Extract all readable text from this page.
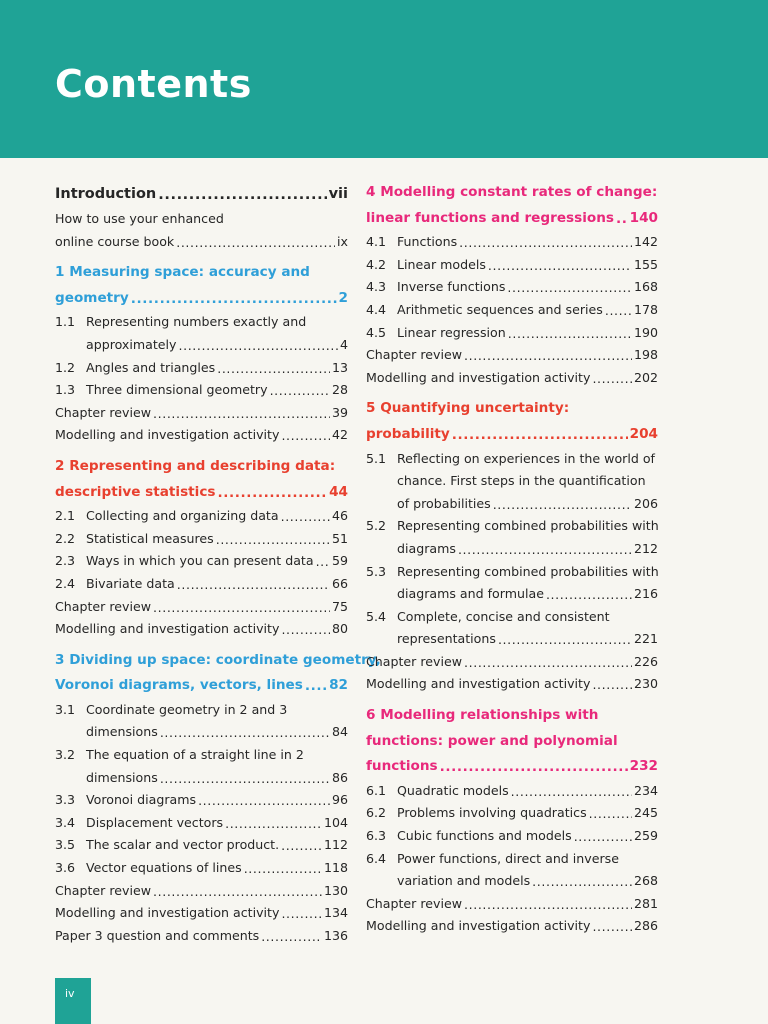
Contents
Introduction .....	vii
How to use your enhanced
online course book .....	ix
1 Measuring space: accuracy and
geometry .....	2
1.1 Representing numbers exactly and
approximately .....	4
1.2 Angles and triangles .....	13
1.3 Three dimensional geometry .....	28
Chapter review .....	39
Modelling and investigation activity .....	42
2 Representing and describing data:
descriptive statistics .....	44
2.1 Collecting and organizing data .....	46
2.2 Statistical measures .....	51
2.3 Ways in which you can present data ..... 59
2.4 Bivariate data .....	66
Chapter review .....	75
Modelling and investigation activity .....	80
3 Dividing up space: coordinate geometry,
Voronoi diagrams, vectors, lines ..... 82
3.1 Coordinate geometry in 2 and 3
dimensions .....	84
3.2 The equation of a straight line in 2
dimensions .....	86
3.3 Voronoi diagrams .....	96
3.4 Displacement vectors .....	104
3.5 The scalar and vector product. .....	112
3.6 Vector equations of lines .....	118
Chapter review .....	130
Modelling and investigation activity .....	134
Paper 3 question and comments .....	136
4 Modelling constant rates of change:
linear functions and regressions ..... 140
4.1 Functions .....	142
4.2 Linear models .....	155
4.3 Inverse functions .....	168
4.4 Arithmetic sequences and series ..... 178
4.5 Linear regression .....	190
Chapter review .....	198
Modelling and investigation activity .....	202
5 Quantifying uncertainty:
probability .....	204
5.1 Reflecting on experiences in the world of
chance. First steps in the quantification
of probabilities .....	206
5.2 Representing combined probabilities with
diagrams .....	212
5.3 Representing combined probabilities with
diagrams and formulae .....	216
5.4 Complete, concise and consistent
representations .....	221
Chapter review .....	226
Modelling and investigation activity .....	230
6 Modelling relationships with
functions: power and polynomial
functions .....	232
6.1 Quadratic models .....	234
6.2 Problems involving quadratics .....	245
6.3 Cubic functions and models .....	259
6.4 Power functions, direct and inverse
variation and models .....	268
Chapter review .....	281
Modelling and investigation activity .....	286
iv
